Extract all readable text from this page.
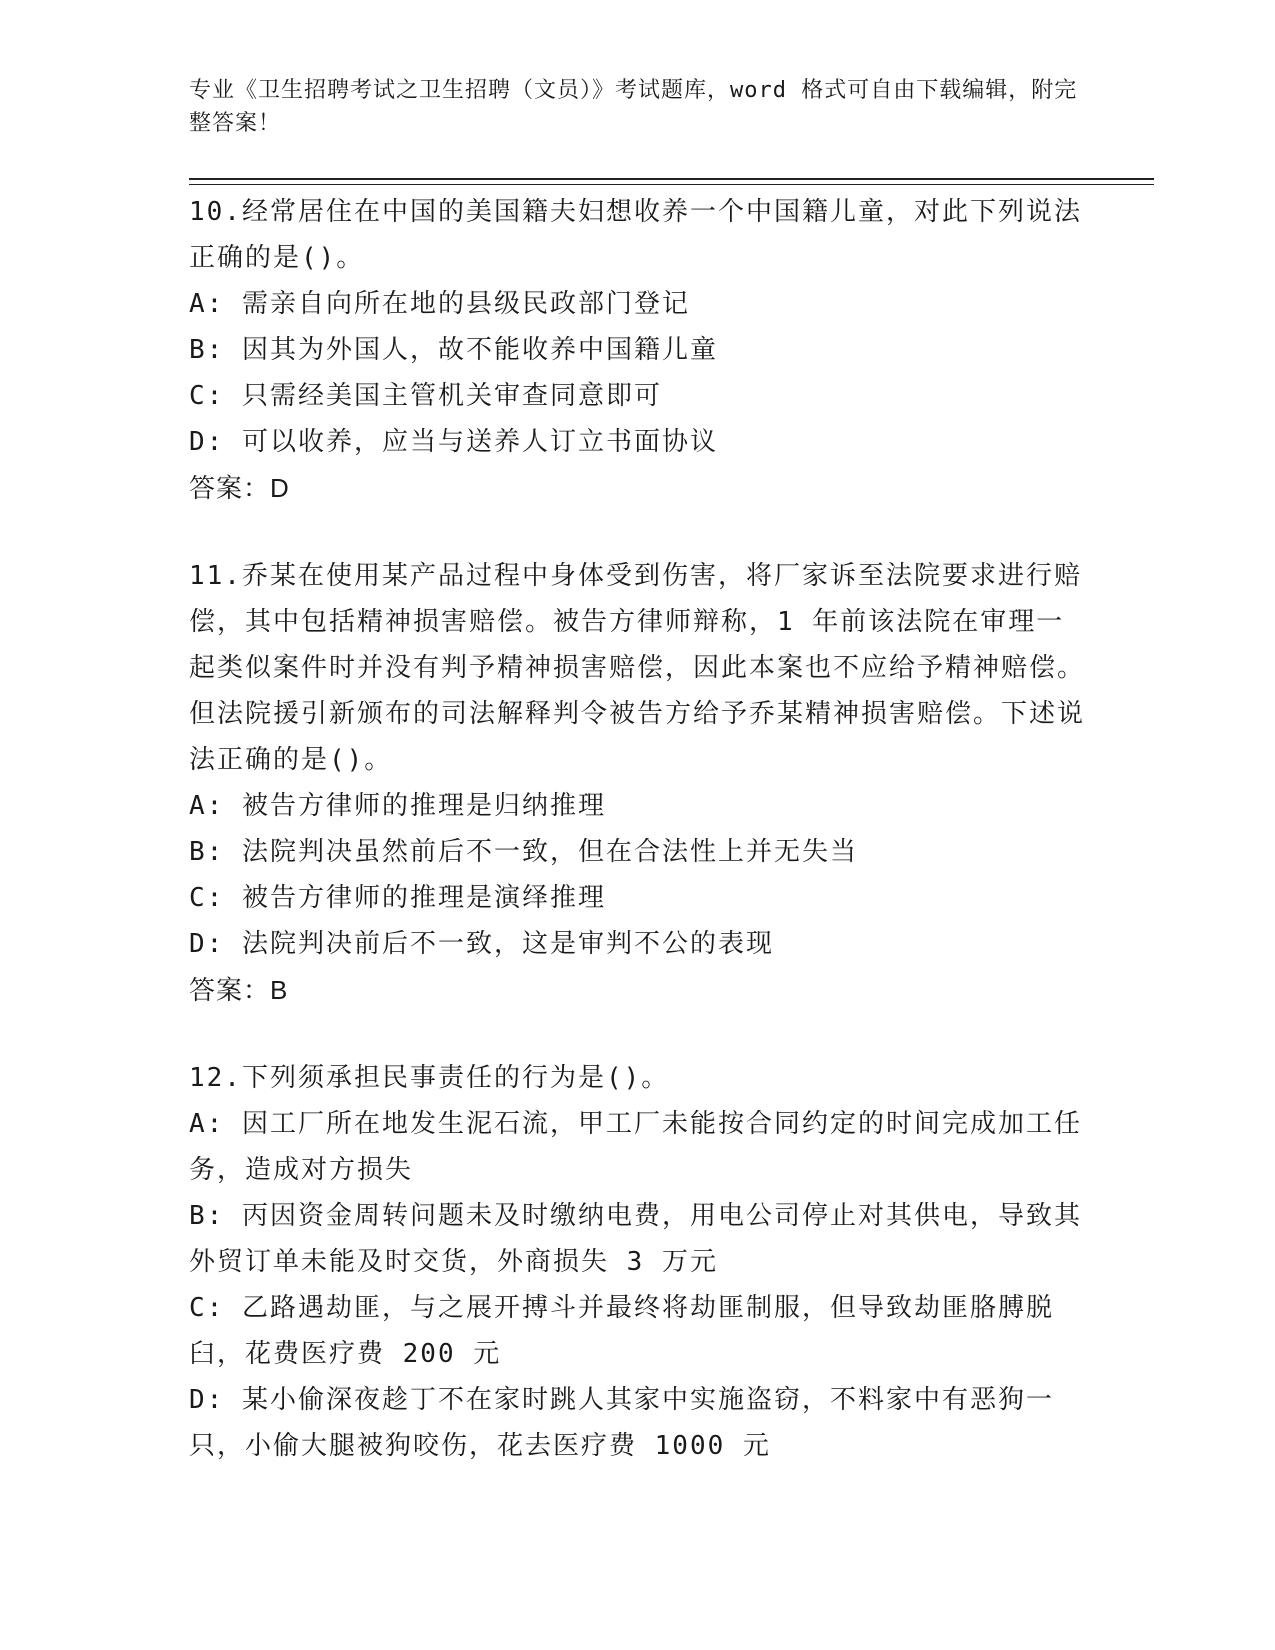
专业《卫生招聘考试之卫生招聘（文员）》考试题库，word 格式可自由下载编辑，附完整答案！

10.经常居住在中国的美国籍夫妇想收养一个中国籍儿童，对此下列说法正确的是()。

A: 需亲自向所在地的县级民政部门登记

B: 因其为外国人，故不能收养中国籍儿童

C: 只需经美国主管机关审查同意即可

D: 可以收养，应当与送养人订立书面协议

答案：D

11.乔某在使用某产品过程中身体受到伤害，将厂家诉至法院要求进行赔偿，其中包括精神损害赔偿。被告方律师辩称，1 年前该法院在审理一起类似案件时并没有判予精神损害赔偿，因此本案也不应给予精神赔偿。但法院援引新颁布的司法解释判令被告方给予乔某精神损害赔偿。下述说法正确的是()。

A: 被告方律师的推理是归纳推理

B: 法院判决虽然前后不一致，但在合法性上并无失当

C: 被告方律师的推理是演绎推理

D: 法院判决前后不一致，这是审判不公的表现

答案：B

12.下列须承担民事责任的行为是()。

A: 因工厂所在地发生泥石流，甲工厂未能按合同约定的时间完成加工任务，造成对方损失

B: 丙因资金周转问题未及时缴纳电费，用电公司停止对其供电，导致其外贸订单未能及时交货，外商损失 3 万元

C: 乙路遇劫匪，与之展开搏斗并最终将劫匪制服，但导致劫匪胳膊脱臼，花费医疗费 200 元

D: 某小偷深夜趁丁不在家时跳人其家中实施盗窃，不料家中有恶狗一只，小偷大腿被狗咬伤，花去医疗费 1000 元
